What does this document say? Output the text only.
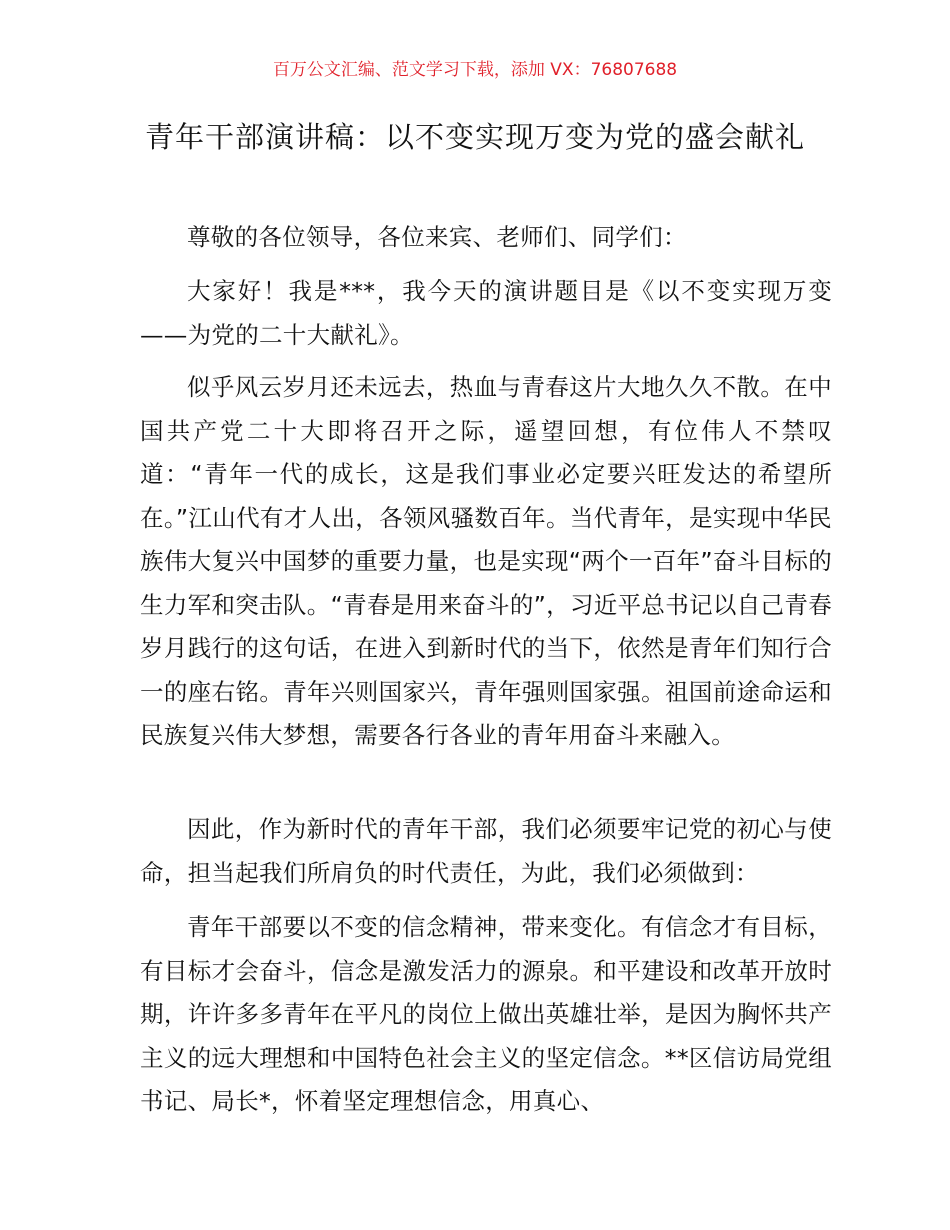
百万公文汇编、范文学习下载，添加 VX：76807688
青年干部演讲稿：以不变实现万变为党的盛会献礼

尊敬的各位领导，各位来宾、老师们、同学们：

大家好！我是***，我今天的演讲题目是《以不变实现万变——为党的二十大献礼》。

似乎风云岁月还未远去，热血与青春这片大地久久不散。在中国共产党二十大即将召开之际，遥望回想，有位伟人不禁叹道：“青年一代的成长，这是我们事业必定要兴旺发达的希望所在。”江山代有才人出，各领风骚数百年。当代青年，是实现中华民族伟大复兴中国梦的重要力量，也是实现“两个一百年”奋斗目标的生力军和突击队。“青春是用来奋斗的”，习近平总书记以自己青春岁月践行的这句话，在进入到新时代的当下，依然是青年们知行合一的座右铭。青年兴则国家兴，青年强则国家强。祖国前途命运和民族复兴伟大梦想，需要各行各业的青年用奋斗来融入。

因此，作为新时代的青年干部，我们必须要牢记党的初心与使命，担当起我们所肩负的时代责任，为此，我们必须做到：

青年干部要以不变的信念精神，带来变化。有信念才有目标，有目标才会奋斗，信念是激发活力的源泉。和平建设和改革开放时期，许许多多青年在平凡的岗位上做出英雄壮举，是因为胸怀共产主义的远大理想和中国特色社会主义的坚定信念。**区信访局党组书记、局长*，怀着坚定理想信念，用真心、
